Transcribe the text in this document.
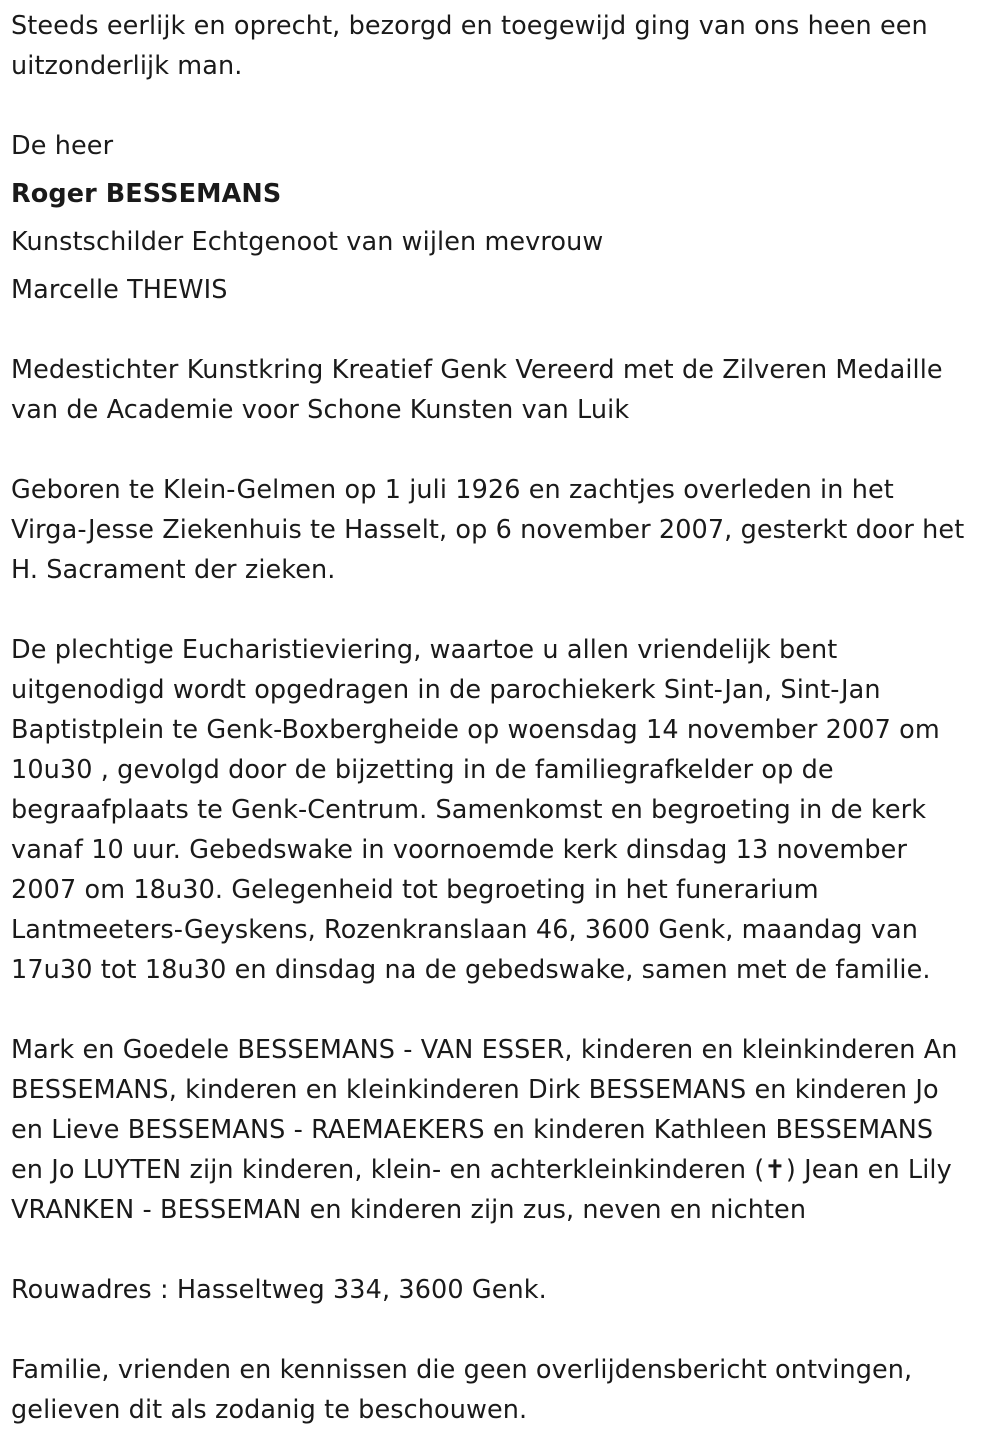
Steeds eerlijk en oprecht, bezorgd en toegewijd ging van ons heen een
uitzonderlijk man.

De heer

Roger BESSEMANS

Kunstschilder Echtgenoot van wijlen mevrouw

Marcelle THEWIS

Medestichter Kunstkring Kreatief Genk Vereerd met de Zilveren Medaille
van de Academie voor Schone Kunsten van Luik

Geboren te Klein-Gelmen op 1 juli 1926 en zachtjes overleden in het
Virga-Jesse Ziekenhuis te Hasselt, op 6 november 2007, gesterkt door het
H. Sacrament der zieken.

De plechtige Eucharistieviering, waartoe u allen vriendelijk bent
uitgenodigd wordt opgedragen in de parochiekerk Sint-Jan, Sint-Jan
Baptistplein te Genk-Boxbergheide op woensdag 14 november 2007 om
10u30 , gevolgd door de bijzetting in de familiegrafkelder op de
begraafplaats te Genk-Centrum. Samenkomst en begroeting in de kerk
vanaf 10 uur. Gebedswake in voornoemde kerk dinsdag 13 november
2007 om 18u30. Gelegenheid tot begroeting in het funerarium
Lantmeeters-Geyskens, Rozenkranslaan 46, 3600 Genk, maandag van
17u30 tot 18u30 en dinsdag na de gebedswake, samen met de familie.

Mark en Goedele BESSEMANS - VAN ESSER, kinderen en kleinkinderen An
BESSEMANS, kinderen en kleinkinderen Dirk BESSEMANS en kinderen Jo
en Lieve BESSEMANS - RAEMAEKERS en kinderen Kathleen BESSEMANS
en Jo LUYTEN zijn kinderen, klein- en achterkleinkinderen (✝) Jean en Lily
VRANKEN - BESSEMAN en kinderen zijn zus, neven en nichten

Rouwadres : Hasseltweg 334, 3600 Genk.

Familie, vrienden en kennissen die geen overlijdensbericht ontvingen,
gelieven dit als zodanig te beschouwen.
